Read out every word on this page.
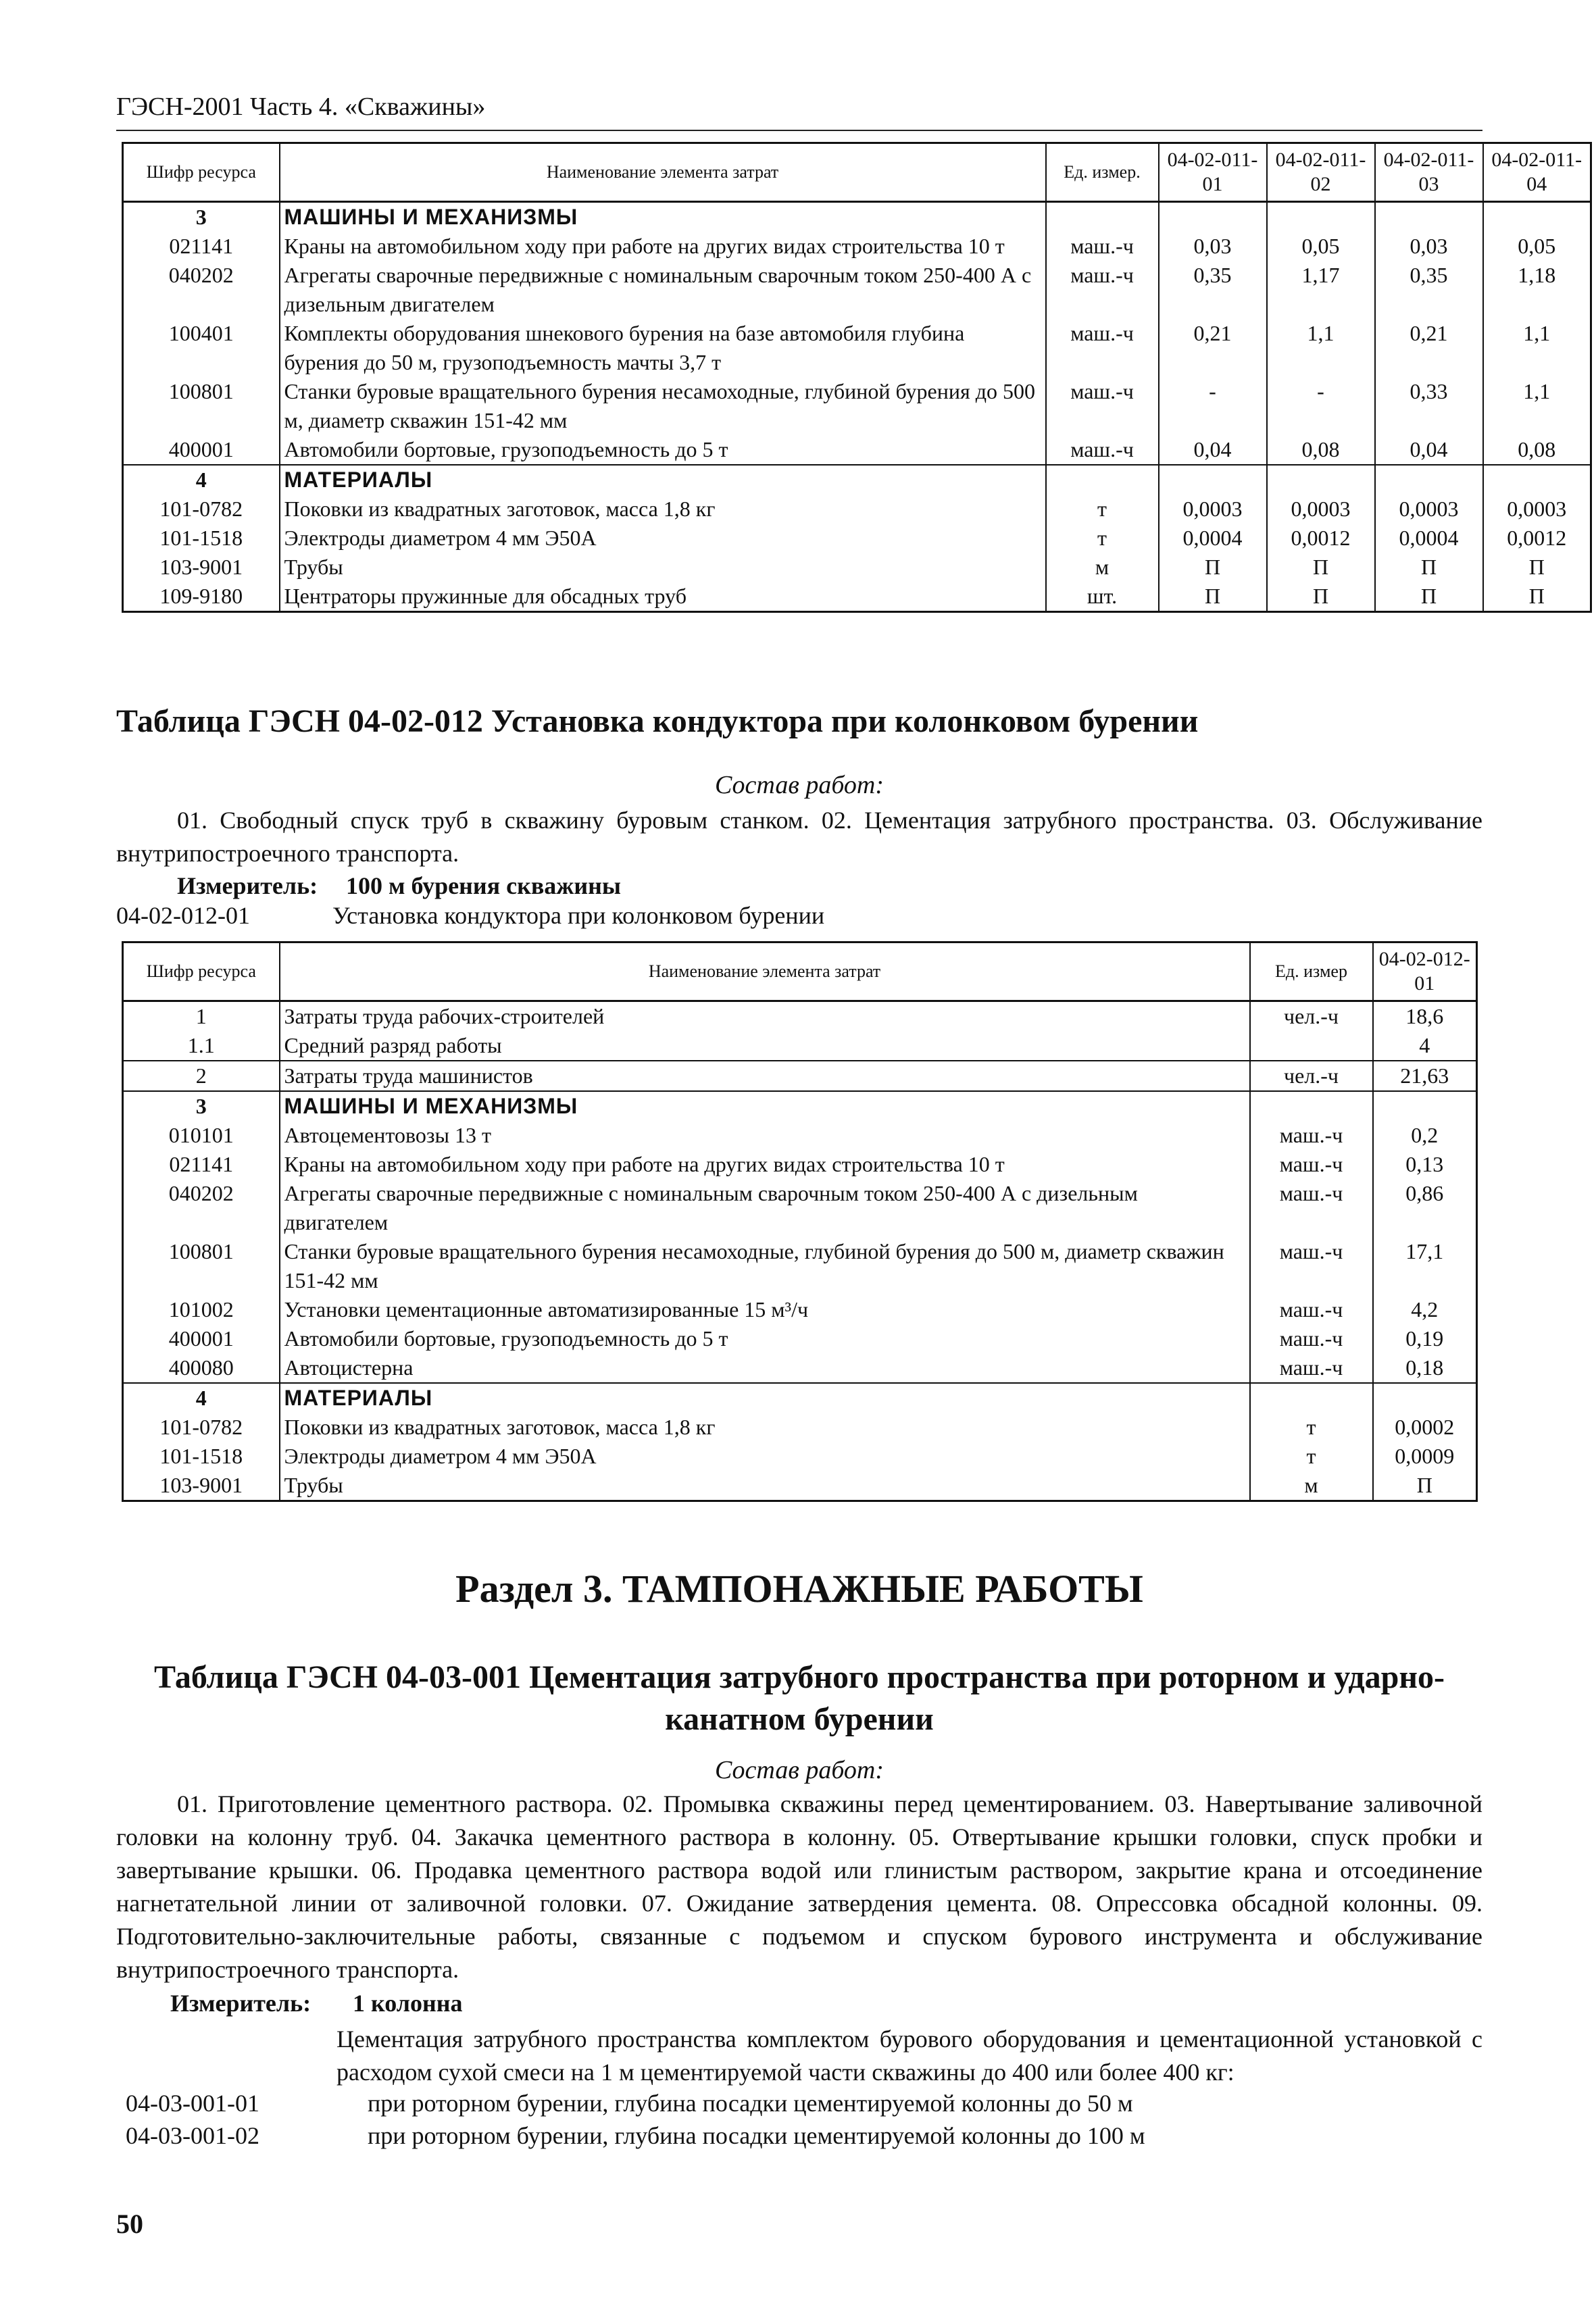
ГЭСН-2001 Часть 4. «Скважины»
Шифр ресурса	Наименование элемента затрат	Ед. измер.	04-02-011-01	04-02-011-02	04-02-011-03	04-02-011-04
3	МАШИНЫ И МЕХАНИЗМЫ					
021141	Краны на автомобильном ходу при работе на других видах строительства 10 т	маш.-ч	0,03	0,05	0,03	0,05
040202	Агрегаты сварочные передвижные с номинальным сварочным током 250-400 А с дизельным двигателем	маш.-ч	0,35	1,17	0,35	1,18
100401	Комплекты оборудования шнекового бурения на базе автомобиля глубина бурения до 50 м, грузоподъемность мачты 3,7 т	маш.-ч	0,21	1,1	0,21	1,1
100801	Станки буровые вращательного бурения несамоходные, глубиной бурения до 500 м, диаметр скважин 151-42 мм	маш.-ч	-	-	0,33	1,1
400001	Автомобили бортовые, грузоподъемность до 5 т	маш.-ч	0,04	0,08	0,04	0,08
4	МАТЕРИАЛЫ					
101-0782	Поковки из квадратных заготовок, масса 1,8 кг	т	0,0003	0,0003	0,0003	0,0003
101-1518	Электроды диаметром 4 мм Э50А	т	0,0004	0,0012	0,0004	0,0012
103-9001	Трубы	м	П	П	П	П
109-9180	Центраторы пружинные для обсадных труб	шт.	П	П	П	П
Таблица ГЭСН 04-02-012 Установка кондуктора при колонковом бурении
Состав работ:
01. Свободный спуск труб в скважину буровым станком. 02. Цементация затрубного пространства. 03. Обслуживание внутрипостроечного транспорта.
Измеритель: 100 м бурения скважины
04-02-012-01	Установка кондуктора при колонковом бурении
Шифр ресурса	Наименование элемента затрат	Ед. измер	04-02-012-01
1	Затраты труда рабочих-строителей	чел.-ч	18,6
1.1	Средний разряд работы		4
2	Затраты труда машинистов	чел.-ч	21,63
3	МАШИНЫ И МЕХАНИЗМЫ		
010101	Автоцементовозы 13 т	маш.-ч	0,2
021141	Краны на автомобильном ходу при работе на других видах строительства 10 т	маш.-ч	0,13
040202	Агрегаты сварочные передвижные с номинальным сварочным током 250-400 А с дизельным двигателем	маш.-ч	0,86
100801	Станки буровые вращательного бурения несамоходные, глубиной бурения до 500 м, диаметр скважин 151-42 мм	маш.-ч	17,1
101002	Установки цементационные автоматизированные 15 м³/ч	маш.-ч	4,2
400001	Автомобили бортовые, грузоподъемность до 5 т	маш.-ч	0,19
400080	Автоцистерна	маш.-ч	0,18
4	МАТЕРИАЛЫ		
101-0782	Поковки из квадратных заготовок, масса 1,8 кг	т	0,0002
101-1518	Электроды диаметром 4 мм Э50А	т	0,0009
103-9001	Трубы	м	П
Раздел 3. ТАМПОНАЖНЫЕ РАБОТЫ
Таблица ГЭСН 04-03-001 Цементация затрубного пространства при роторном и ударно-
канатном бурении
Состав работ:
01. Приготовление цементного раствора. 02. Промывка скважины перед цементированием. 03. Навертывание заливочной головки на колонну труб. 04. Закачка цементного раствора в колонну. 05. Отвертывание крышки головки, спуск пробки и завертывание крышки. 06. Продавка цементного раствора водой или глинистым раствором, закрытие крана и отсоединение нагнетательной линии от заливочной головки. 07. Ожидание затвердения цемента. 08. Опрессовка обсадной колонны. 09. Подготовительно-заключительные работы, связанные с подъемом и спуском бурового инструмента и обслуживание внутрипостроечного транспорта.
Измеритель: 1 колонна
Цементация затрубного пространства комплектом бурового оборудования и цементационной установкой с расходом сухой смеси на 1 м цементируемой части скважины до 400 или более 400 кг:
04-03-001-01	при роторном бурении, глубина посадки цементируемой колонны до 50 м
04-03-001-02	при роторном бурении, глубина посадки цементируемой колонны до 100 м
50
